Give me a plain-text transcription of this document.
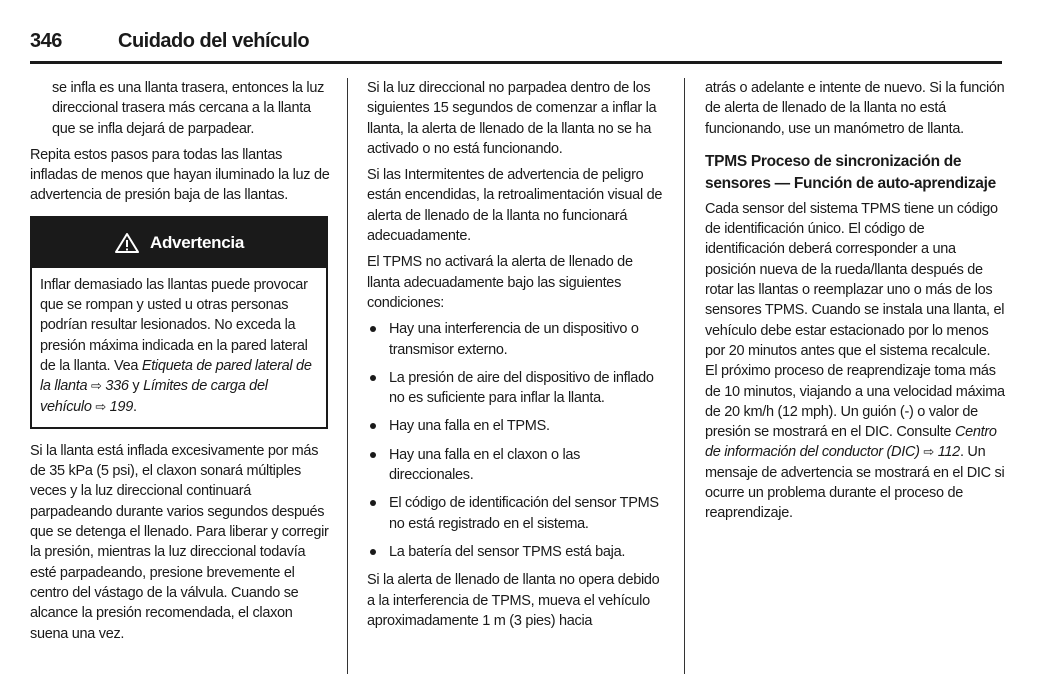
346	Cuidado del vehículo

se infla es una llanta trasera, entonces la luz direccional trasera más cercana a la llanta que se infla dejará de parpadear.

Repita estos pasos para todas las llantas infladas de menos que hayan iluminado la luz de advertencia de presión baja de las llantas.

Advertencia
Inflar demasiado las llantas puede provocar que se rompan y usted u otras personas podrían resultar lesionados. No exceda la presión máxima indicada en la pared lateral de la llanta. Vea Etiqueta de pared lateral de la llanta ⇨ 336 y Límites de carga del vehículo ⇨ 199.

Si la llanta está inflada excesivamente por más de 35 kPa (5 psi), el claxon sonará múltiples veces y la luz direccional continuará parpadeando durante varios segundos después que se detenga el llenado. Para liberar y corregir la presión, mientras la luz direccional todavía esté parpadeando, presione brevemente el centro del vástago de la válvula. Cuando se alcance la presión recomendada, el claxon suena una vez.

Si la luz direccional no parpadea dentro de los siguientes 15 segundos de comenzar a inflar la llanta, la alerta de llenado de la llanta no se ha activado o no está funcionando.

Si las Intermitentes de advertencia de peligro están encendidas, la retroalimentación visual de alerta de llenado de la llanta no funcionará adecuadamente.

El TPMS no activará la alerta de llenado de llanta adecuadamente bajo las siguientes condiciones:

Hay una interferencia de un dispositivo o transmisor externo.
La presión de aire del dispositivo de inflado no es suficiente para inflar la llanta.
Hay una falla en el TPMS.
Hay una falla en el claxon o las direccionales.
El código de identificación del sensor TPMS no está registrado en el sistema.
La batería del sensor TPMS está baja.

Si la alerta de llenado de llanta no opera debido a la interferencia de TPMS, mueva el vehículo aproximadamente 1 m (3 pies) hacia

atrás o adelante e intente de nuevo. Si la función de alerta de llenado de la llanta no está funcionando, use un manómetro de llanta.

TPMS Proceso de sincronización de sensores — Función de auto-aprendizaje

Cada sensor del sistema TPMS tiene un código de identificación único. El código de identificación deberá corresponder a una posición nueva de la rueda/llanta después de rotar las llantas o reemplazar uno o más de los sensores TPMS. Cuando se instala una llanta, el vehículo debe estar estacionado por lo menos por 20 minutos antes que el sistema recalcule. El próximo proceso de reaprendizaje toma más de 10 minutos, viajando a una velocidad máxima de 20 km/h (12 mph). Un guión (-) o valor de presión se mostrará en el DIC. Consulte Centro de información del conductor (DIC) ⇨ 112. Un mensaje de advertencia se mostrará en el DIC si ocurre un problema durante el proceso de reaprendizaje.
